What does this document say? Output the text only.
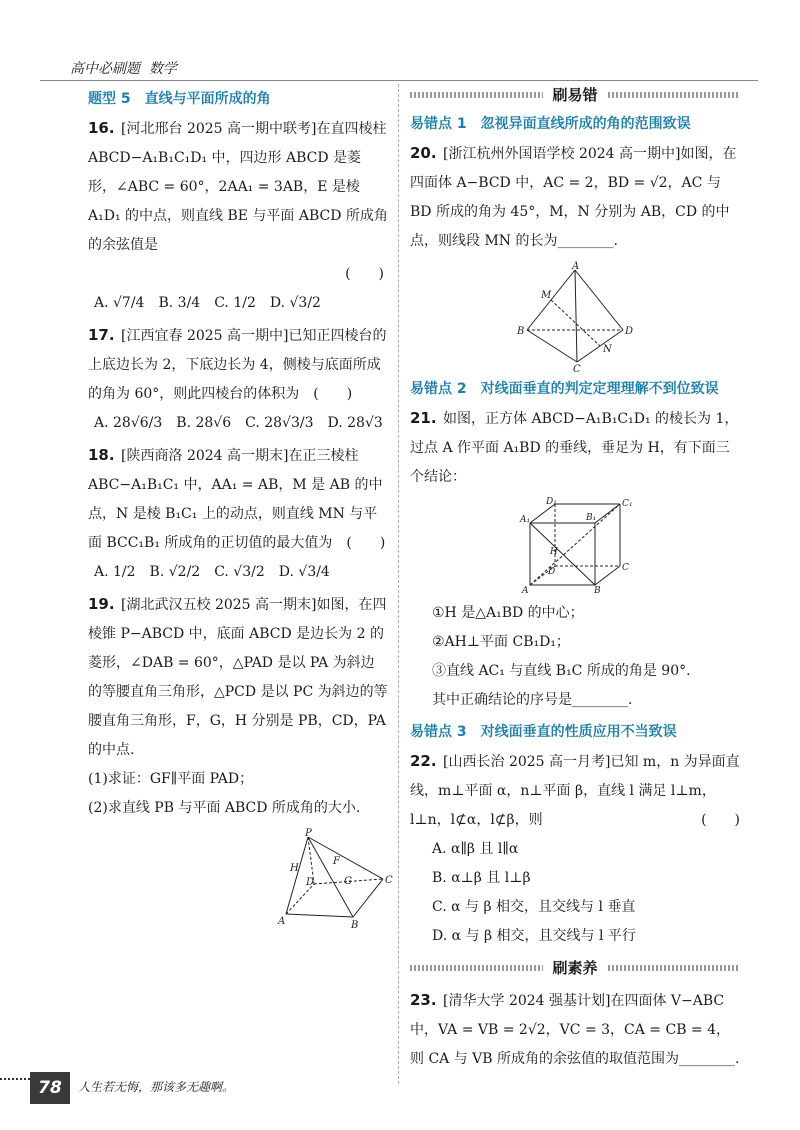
高中必刷题 数学
题型 5　直线与平面所成的角
16. [河北邢台 2025 高一期中联考]在直四棱柱 ABCD−A₁B₁C₁D₁ 中，四边形 ABCD 是菱形，∠ABC = 60°，2AA₁ = 3AB，E 是棱 A₁D₁ 的中点，则直线 BE 与平面 ABCD 所成角的余弦值是
(　　)
A. √7/4 B. 3/4 C. 1/2 D. √3/2
17. [江西宜春 2025 高一期中]已知正四棱台的上底边长为 2，下底边长为 4，侧棱与底面所成的角为 60°，则此四棱台的体积为　(　　)
A. 28√6/3 B. 28√6 C. 28√3/3 D. 28√3
18. [陕西商洛 2024 高一期末]在正三棱柱 ABC−A₁B₁C₁ 中，AA₁ = AB，M 是 AB 的中点，N 是棱 B₁C₁ 上的动点，则直线 MN 与平面 BCC₁B₁ 所成角的正切值的最大值为　(　　)
A. 1/2 B. √2/2 C. √3/2 D. √3/4
19. [湖北武汉五校 2025 高一期末]如图，在四棱锥 P−ABCD 中，底面 ABCD 是边长为 2 的菱形，∠DAB = 60°，△PAD 是以 PA 为斜边的等腰直角三角形，△PCD 是以 PC 为斜边的等腰直角三角形，F，G，H 分别是 PB，CD，PA 的中点.
(1)求证：GF∥平面 PAD；
(2)求直线 PB 与平面 ABCD 所成角的大小.
P
A	B
C
D
H
F
G
刷易错
易错点 1　忽视异面直线所成的角的范围致误
20. [浙江杭州外国语学校 2024 高一期中]如图，在四面体 A−BCD 中，AC = 2，BD = √2，AC 与 BD 所成的角为 45°，M，N 分别为 AB，CD 的中点，则线段 MN 的长为________.
A
B	D
C
M
N
易错点 2　对线面垂直的判定定理理解不到位致误
21. 如图，正方体 ABCD−A₁B₁C₁D₁ 的棱长为 1，过点 A 作平面 A₁BD 的垂线，垂足为 H，有下面三个结论：
D₁	C₁
A₁	B₁
A	B
C
D
H
①H 是△A₁BD 的中心；
②AH⊥平面 CB₁D₁；
③直线 AC₁ 与直线 B₁C 所成的角是 90°.
其中正确结论的序号是________.
易错点 3　对线面垂直的性质应用不当致误
22. [山西长治 2025 高一月考]已知 m，n 为异面直线，m⊥平面 α，n⊥平面 β，直线 l 满足 l⊥m，l⊥n，l⊄α，l⊄β，则	(　　)
A. α∥β 且 l∥α
B. α⊥β 且 l⊥β
C. α 与 β 相交，且交线与 l 垂直
D. α 与 β 相交，且交线与 l 平行
刷素养
23. [清华大学 2024 强基计划]在四面体 V−ABC 中，VA = VB = 2√2，VC = 3，CA = CB = 4，则 CA 与 VB 所成角的余弦值的取值范围为________.
78	人生若无悔，那该多无趣啊。
